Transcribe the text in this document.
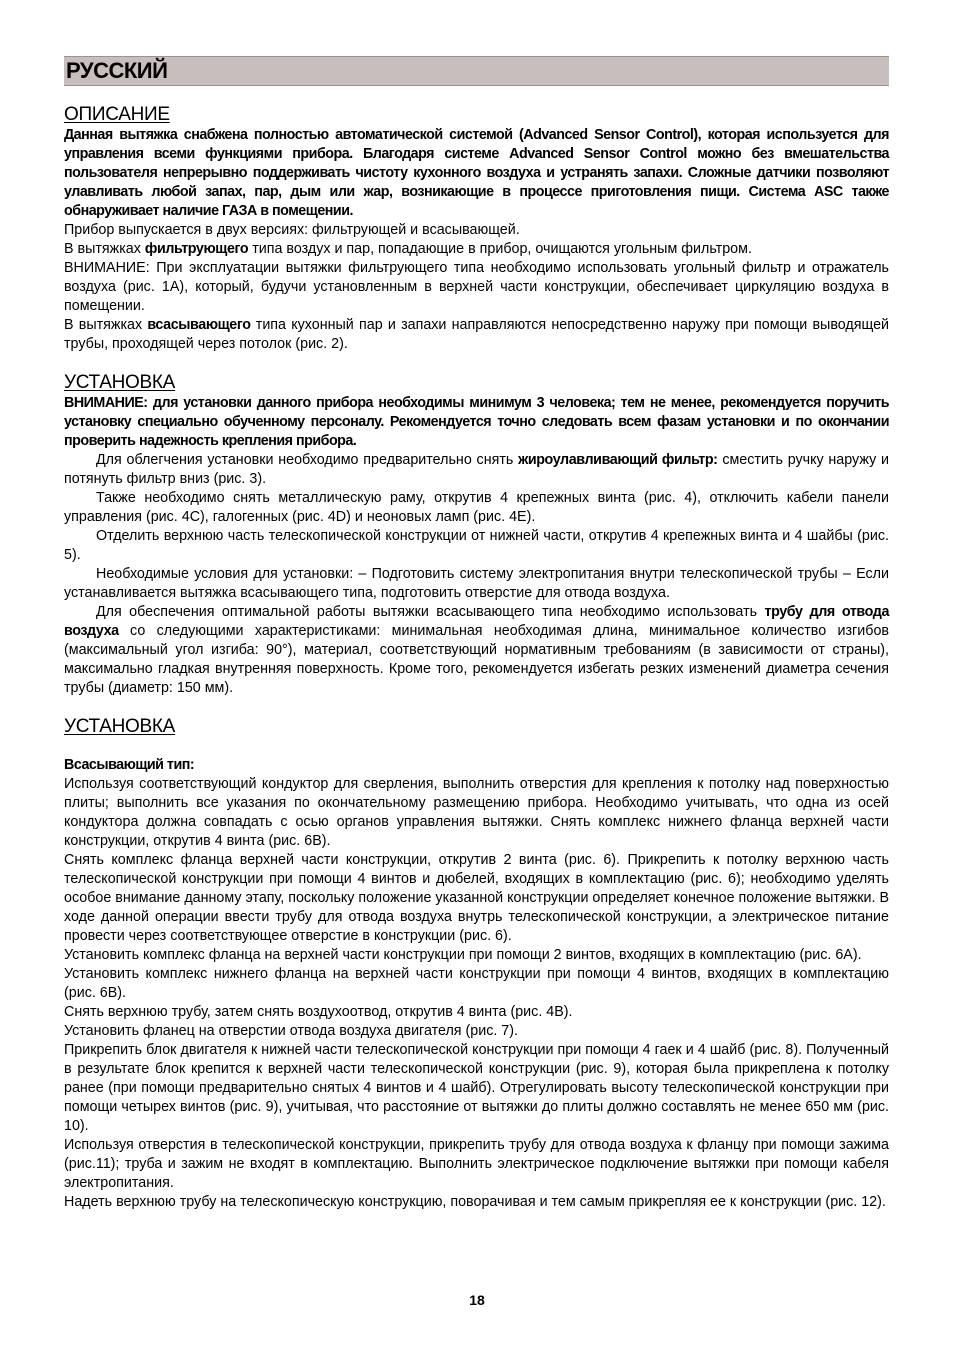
РУССКИЙ
ОПИСАНИЕ

Данная вытяжка снабжена полностью автоматической системой (Advanced Sensor Control), которая используется для управления всеми функциями прибора. Благодаря системе Advanced Sensor Control можно без вмешательства пользователя непрерывно поддерживать чистоту кухонного воздуха и устранять запахи. Сложные датчики позволяют улавливать любой запах, пар, дым или жар, возникающие в процессе приготовления пищи. Система ASC также обнаруживает наличие ГАЗА в помещении.

Прибор выпускается в двух версиях: фильтрующей и всасывающей.

В вытяжках фильтрующего типа воздух и пар, попадающие в прибор, очищаются угольным фильтром.

ВНИМАНИЕ: При эксплуатации вытяжки фильтрующего типа необходимо использовать угольный фильтр и отражатель воздуха (рис. 1A), который, будучи установленным в верхней части конструкции, обеспечивает циркуляцию воздуха в помещении.

В вытяжках всасывающего типа кухонный пар и запахи направляются непосредственно наружу при помощи выводящей трубы, проходящей через потолок (рис. 2).

УСТАНОВКА

ВНИМАНИЕ: для установки данного прибора необходимы минимум 3 человека; тем не менее, рекомендуется поручить установку специально обученному персоналу. Рекомендуется точно следовать всем фазам установки и по окончании проверить надежность крепления прибора.

Для облегчения установки необходимо предварительно снять жироулавливающий фильтр: сместить ручку наружу и потянуть фильтр вниз (рис. 3).

Также необходимо снять металлическую раму, открутив 4 крепежных винта (рис. 4), отключить кабели панели управления (рис. 4C), галогенных (рис. 4D) и неоновых ламп (рис. 4E).

Отделить верхнюю часть телескопической конструкции от нижней части, открутив 4 крепежных винта и 4 шайбы (рис. 5).

Необходимые условия для установки: – Подготовить систему электропитания внутри телескопической трубы – Если устанавливается вытяжка всасывающего типа, подготовить отверстие для отвода воздуха.

Для обеспечения оптимальной работы вытяжки всасывающего типа необходимо использовать трубу для отвода воздуха со следующими характеристиками: минимальная необходимая длина, минимальное количество изгибов (максимальный угол изгиба: 90°), материал, соответствующий нормативным требованиям (в зависимости от страны), максимально гладкая внутренняя поверхность. Кроме того, рекомендуется избегать резких изменений диаметра сечения трубы (диаметр: 150 мм).

УСТАНОВКА

Всасывающий тип:

Используя соответствующий кондуктор для сверления, выполнить отверстия для крепления к потолку над поверхностью плиты; выполнить все указания по окончательному размещению прибора. Необходимо учитывать, что одна из осей кондуктора должна совпадать с осью органов управления вытяжки. Снять комплекс нижнего фланца верхней части конструкции, открутив 4 винта (рис. 6B).

Снять комплекс фланца верхней части конструкции, открутив 2 винта (рис. 6). Прикрепить к потолку верхнюю часть телескопической конструкции при помощи 4 винтов и дюбелей, входящих в комплектацию (рис. 6); необходимо уделять особое внимание данному этапу, поскольку положение указанной конструкции определяет конечное положение вытяжки. В ходе данной операции ввести трубу для отвода воздуха внутрь телескопической конструкции, а электрическое питание провести через соответствующее отверстие в конструкции (рис. 6).

Установить комплекс фланца на верхней части конструкции при помощи 2 винтов, входящих в комплектацию (рис. 6A).

Установить комплекс нижнего фланца на верхней части конструкции при помощи 4 винтов, входящих в комплектацию (рис. 6B).

Снять верхнюю трубу, затем снять воздухоотвод, открутив 4 винта (рис. 4B).

Установить фланец на отверстии отвода воздуха двигателя (рис. 7).

Прикрепить блок двигателя к нижней части телескопической конструкции при помощи 4 гаек и 4 шайб (рис. 8). Полученный в результате блок крепится к верхней части телескопической конструкции (рис. 9), которая была прикреплена к потолку ранее (при помощи предварительно снятых 4 винтов и 4 шайб). Отрегулировать высоту телескопической конструкции при помощи четырех винтов (рис. 9), учитывая, что расстояние от вытяжки до плиты должно составлять не менее 650 мм (рис. 10).

Используя отверстия в телескопической конструкции, прикрепить трубу для отвода воздуха к фланцу при помощи зажима (рис.11); труба и зажим не входят в комплектацию. Выполнить электрическое подключение вытяжки при помощи кабеля электропитания.

Надеть верхнюю трубу на телескопическую конструкцию, поворачивая и тем самым прикрепляя ее к конструкции (рис. 12).

18
